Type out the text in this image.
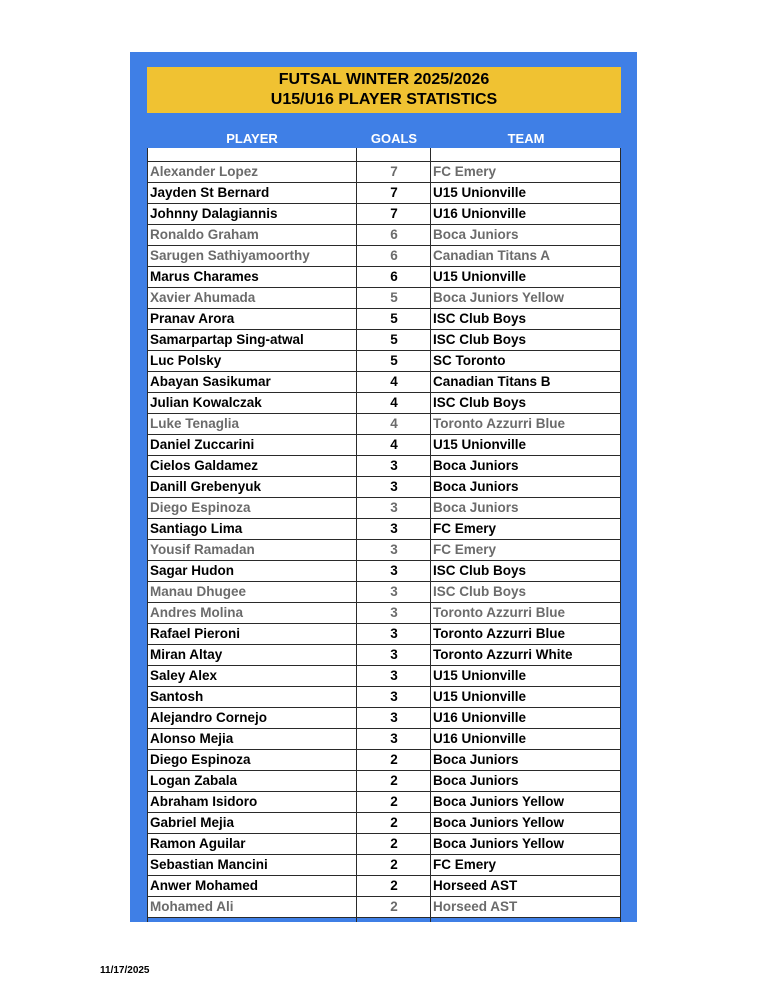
FUTSAL WINTER 2025/2026
U15/U16 PLAYER STATISTICS
PLAYER	GOALS	TEAM
Alexander Lopez	7	FC Emery
Jayden St Bernard	7	U15 Unionville
Johnny Dalagiannis	7	U16 Unionville
Ronaldo Graham	6	Boca Juniors
Sarugen Sathiyamoorthy	6	Canadian Titans A
Marus Charames	6	U15 Unionville
Xavier Ahumada	5	Boca Juniors Yellow
Pranav Arora	5	ISC Club Boys
Samarpartap Sing-atwal	5	ISC Club Boys
Luc Polsky	5	SC Toronto
Abayan Sasikumar	4	Canadian Titans B
Julian Kowalczak	4	ISC Club Boys
Luke Tenaglia	4	Toronto Azzurri Blue
Daniel Zuccarini	4	U15 Unionville
Cielos Galdamez	3	Boca Juniors
Danill Grebenyuk	3	Boca Juniors
Diego Espinoza	3	Boca Juniors
Santiago Lima	3	FC Emery
Yousif Ramadan	3	FC Emery
Sagar Hudon	3	ISC Club Boys
Manau Dhugee	3	ISC Club Boys
Andres Molina	3	Toronto Azzurri Blue
Rafael Pieroni	3	Toronto Azzurri Blue
Miran Altay	3	Toronto Azzurri White
Saley Alex	3	U15 Unionville
Santosh	3	U15 Unionville
Alejandro Cornejo	3	U16 Unionville
Alonso Mejia	3	U16 Unionville
Diego Espinoza	2	Boca Juniors
Logan Zabala	2	Boca Juniors
Abraham Isidoro	2	Boca Juniors Yellow
Gabriel Mejia	2	Boca Juniors Yellow
Ramon Aguilar	2	Boca Juniors Yellow
Sebastian Mancini	2	FC Emery
Anwer Mohamed	2	Horseed AST
Mohamed Ali	2	Horseed AST
11/17/2025
